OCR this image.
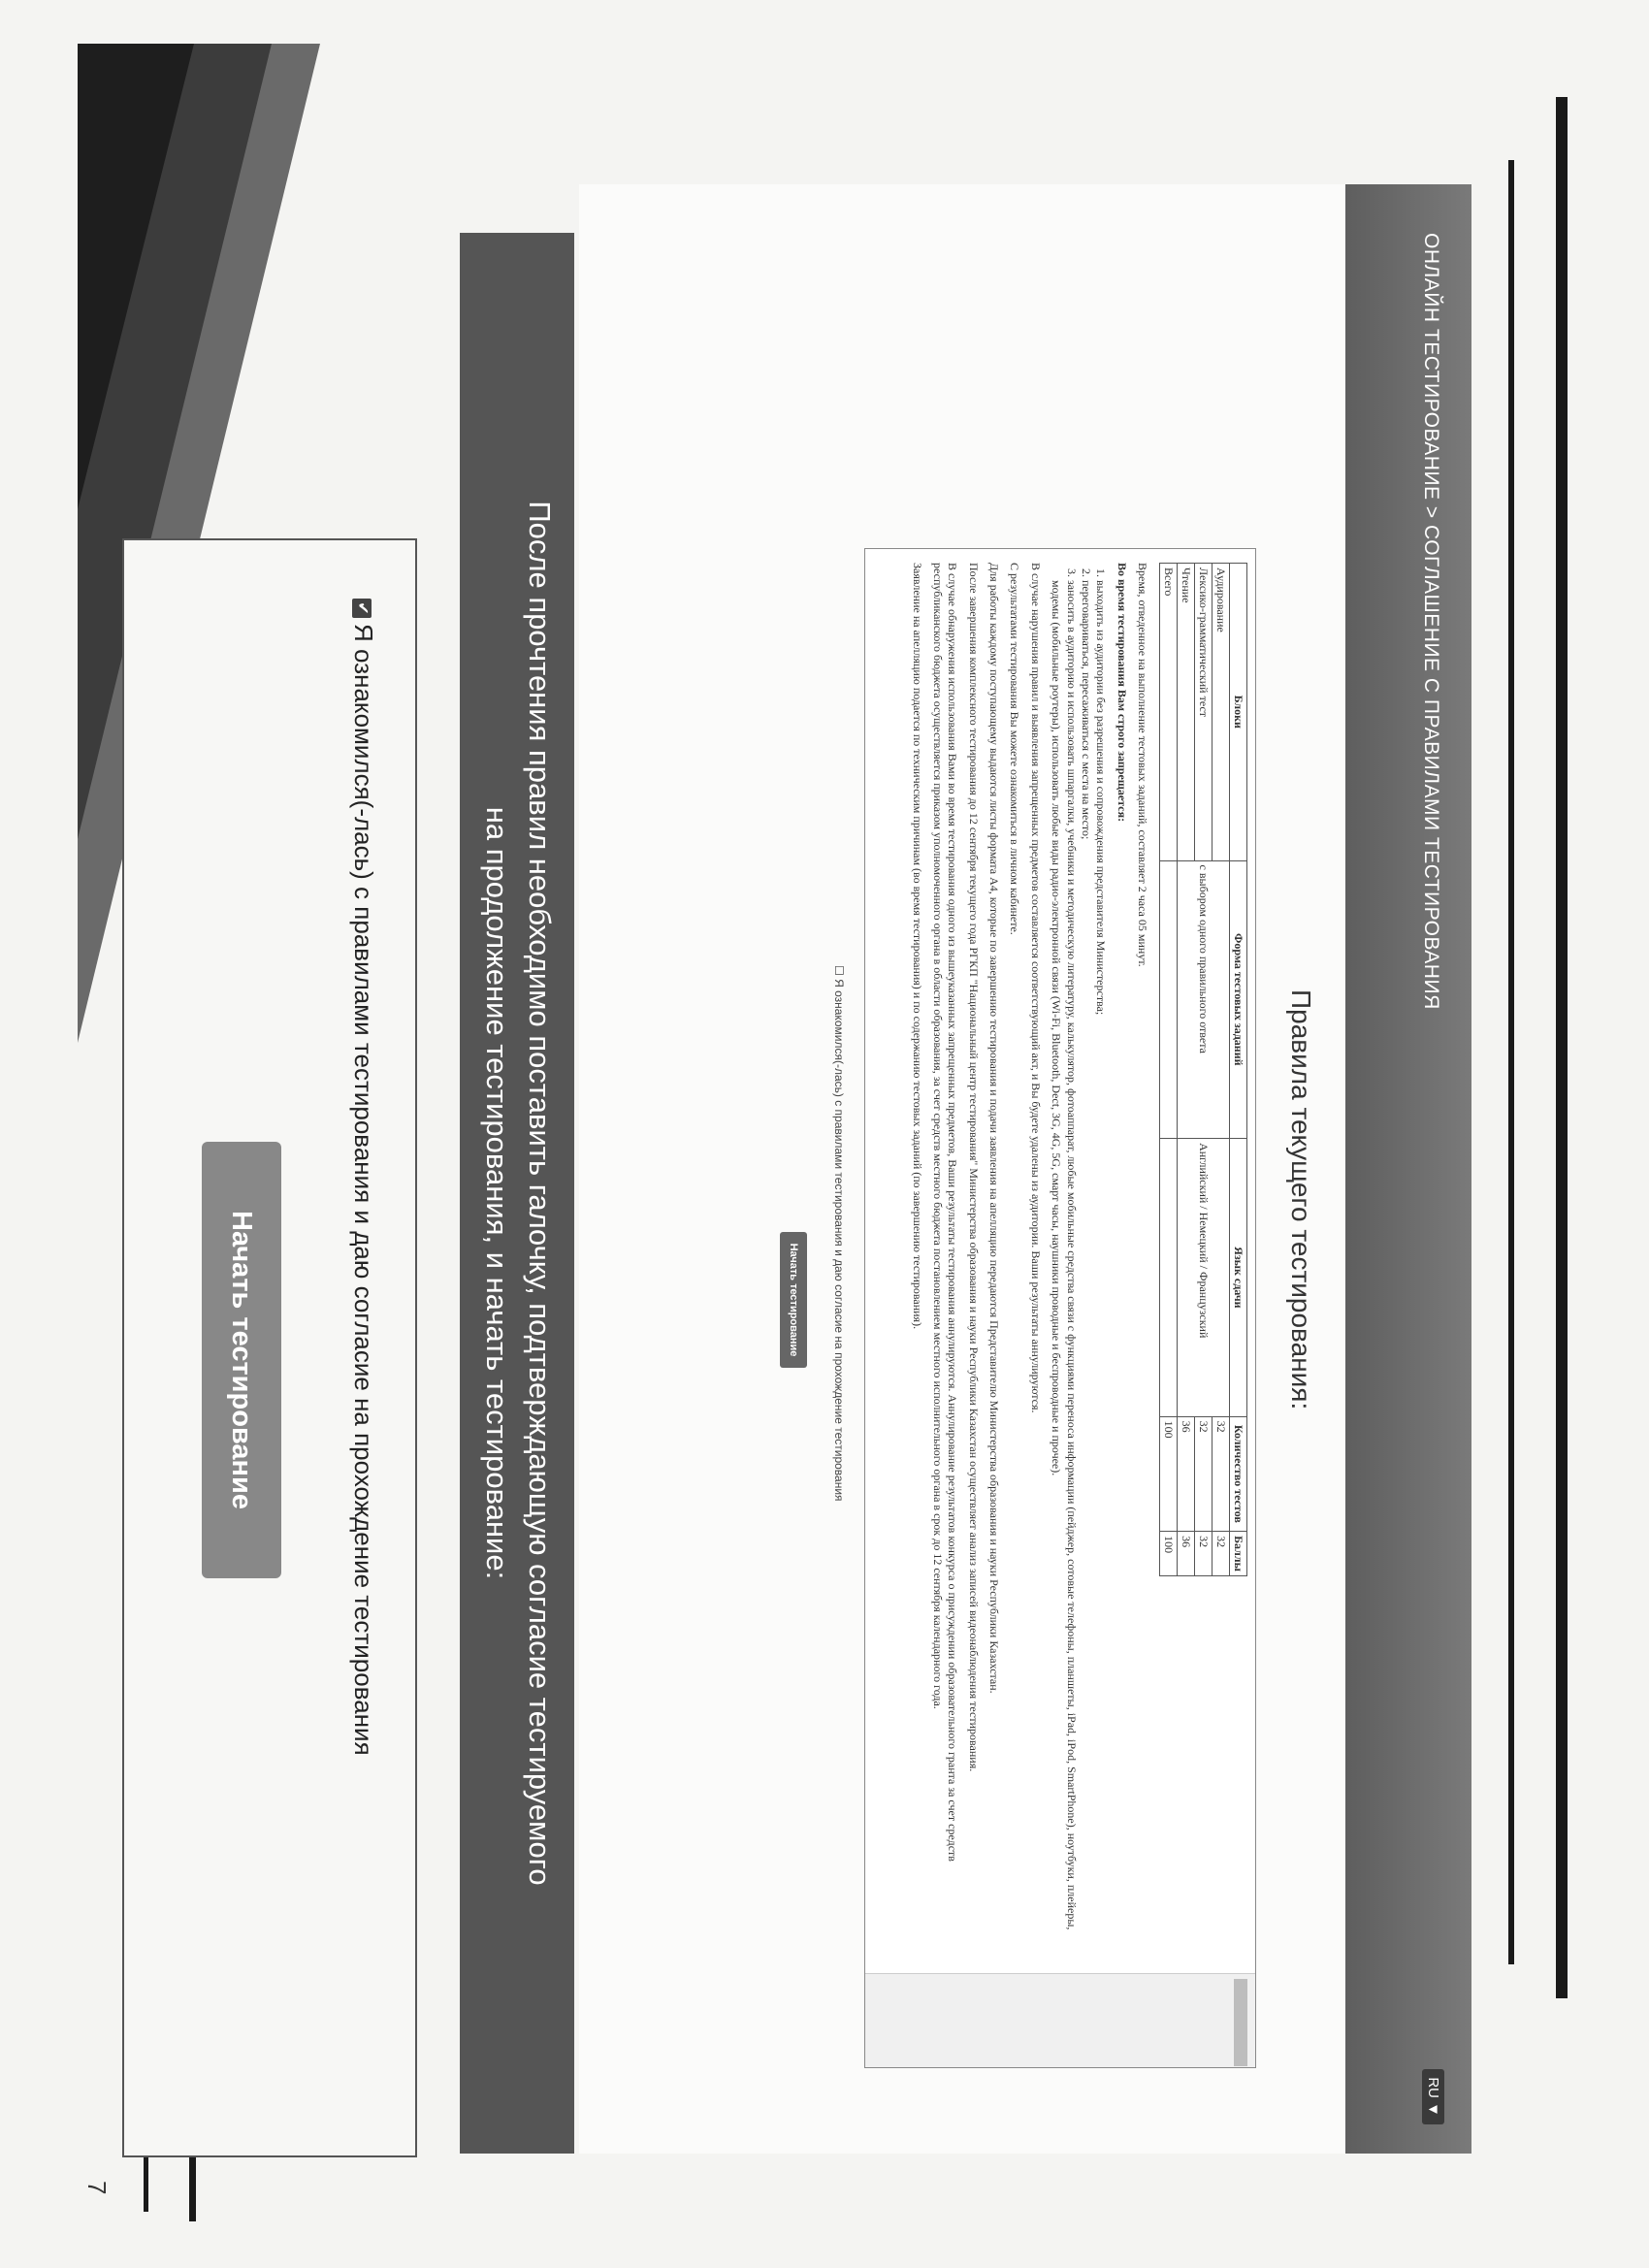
ОНЛАЙН ТЕСТИРОВАНИЕ > СОГЛАШЕНИЕ С ПРАВИЛАМИ ТЕСТИРОВАНИЯ
RU ▼
Правила текущего тестирования:
Блоки	Форма тестовых заданий	Язык сдачи	Количество тестов	Баллы
Аудирование	с выбором одного правильного ответа	Английский / Немецкий / Французский	32	32
Лексико-грамматический тест			32	32
Чтение			36	36
Всего			100	100

Время, отведенное на выполнение тестовых заданий, составляет 2 часа 05 минут.

Во время тестирования Вам строго запрещается:

1. выходить из аудитории без разрешения и сопровождения представителя Министерства;
2. переговариваться, пересаживаться с места на место;
3. заносить в аудиторию и использовать шпаргалки, учебники и методическую литературу, калькулятор, фотоаппарат, любые мобильные средства связи с функциями переноса информации (пейджер, сотовые телефоны, планшеты, iPad, iPod, SmartPhone), ноутбуки, плейеры, модемы (мобильные роутеры), использовать любые виды радио-электронной связи (Wi-Fi, Bluetooth, Dect, 3G, 4G, 5G, смарт часы, наушники проводные и беспроводные и прочее).

В случае нарушения правил и выявления запрещенных предметов составляется соответствующий акт, и Вы будете удалены из аудитории. Ваши результаты аннулируются.

С результатами тестирования Вы можете ознакомиться в личном кабинете.

Для работы каждому поступающему выдаются листы формата А4, которые по завершению тестирования и подачи заявления на апелляцию передаются Представителю Министерства образования и науки Республики Казахстан.

После завершения комплексного тестирования до 12 сентября текущего года РГКП "Национальный центр тестирования" Министерства образования и науки Республики Казахстан осуществляет анализ записей видеонаблюдения тестирования.

В случае обнаружения использования Вами во время тестирования одного из вышеуказанных запрещенных предметов, Ваши результаты тестирования аннулируются. Аннулирование результатов конкурса о присуждении образовательного гранта за счет средств республиканского бюджета осуществляется приказом уполномоченного органа в области образования, за счет средств местного бюджета постановлением местного исполнительного органа в срок до 12 сентября календарного года.

Заявление на апелляцию подается по техническим причинам (во время тестирования) и по содержанию тестовых заданий (по завершению тестирования).

☐ Я ознакомился(-лась) с правилами тестирования и даю согласие на прохождение тестирования
Начать тестирование
После прочтения правил необходимо поставить галочку, подтверждающую согласие тестируемого
на продолжение тестирования, и начать тестирование:
✔Я ознакомился(-лась) с правилами тестирования и даю согласие на прохождение тестирования
Начать тестирование
7
